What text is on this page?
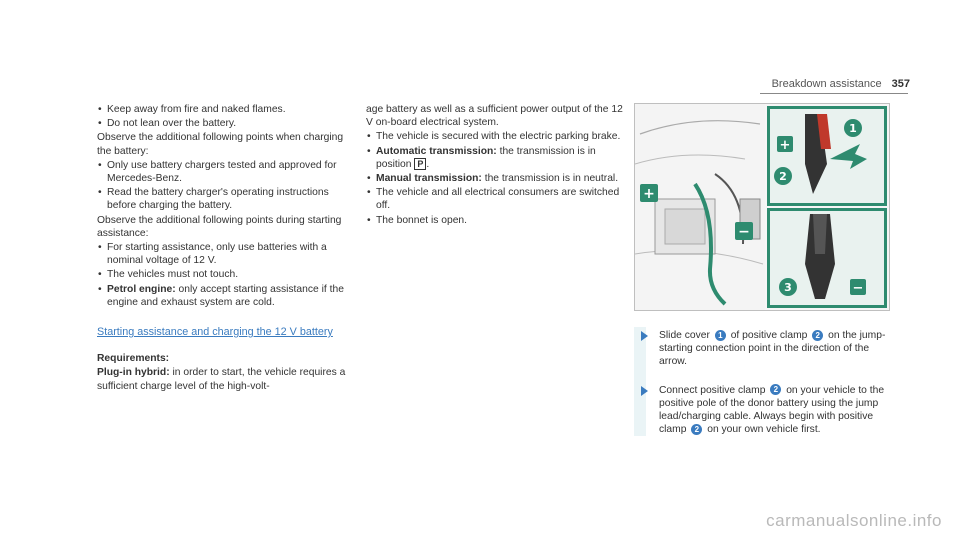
Breakdown assistance 357
• Keep away from fire and naked flames.
• Do not lean over the battery.

Observe the additional following points when charging the battery:

• Only use battery chargers tested and approved for Mercedes-Benz.
• Read the battery charger's operating instructions before charging the battery.

Observe the additional following points during starting assistance:

• For starting assistance, only use batteries with a nominal voltage of 12 V.
• The vehicles must not touch.
• Petrol engine: only accept starting assistance if the engine and exhaust system are cold.
Starting assistance and charging the 12 V battery

Requirements:

Plug-in hybrid: in order to start, the vehicle requires a sufficient charge level of the high-volt-

age battery as well as a sufficient power output of the 12 V on-board electrical system.

• The vehicle is secured with the electric parking brake.
• Automatic transmission: the transmission is in position P .
• Manual transmission: the transmission is in neutral.
• The vehicle and all electrical consumers are switched off.
• The bonnet is open.
+
−
+
1
2
3	−
Slide cover 1 of positive clamp 2 on the jump-starting connection point in the direction of the arrow.
Connect positive clamp 2 on your vehicle to the positive pole of the donor battery using the jump lead/charging cable. Always begin with positive clamp 2 on your own vehicle first.
carmanualsonline.info
